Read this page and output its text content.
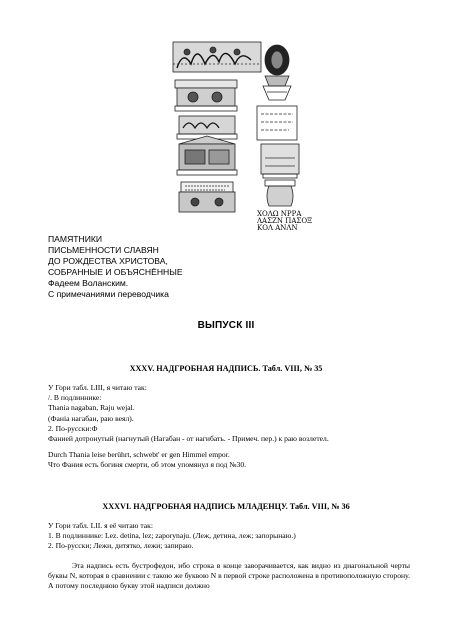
ΧΟΛΩ ΝΡΡΑ
ΛΑΣΖΝ ΠΑΣΟΞ
ΚΟΛ ΑΝΛΝ
ПАМЯТНИКИ
ПИСЬМЕННОСТИ СЛАВЯН
ДО РОЖДЕСТВА ХРИСТОВА,
СОБРАННЫЕ И ОБЪЯСНЁННЫЕ
Фадеем Воланским.
С примечаниями переводчика
ВЫПУСК III
XXXV. НАДГРОБНАЯ НАДПИСЬ. Табл. VIII, № 35
У Гори табл. LIII, я читаю так:
/. В подлиннике:
Thania nagaban, Raju wejal.
(Фаніа нагабан, раю веял).
2. По-русски:Ф
Фанией дотронутый (нагнутый (Нагабан - от нагибать. - Примеч. пер.) к раю возлетел.
Durch Thania leise berührt, schwebt' er gen Himmel empor.
Что Фания есть богиня смерти, об этом упомянул я под №30.
XXXVI. НАДГРОБНАЯ НАДПИСЬ МЛАДЕНЦУ. Табл. VIII, № 36
У Гори табл. LII. я её читаю так:
1. В подлиннике: Lez. detina, lez; zaporynaju. (Леж, детина, леж; запорынаю.)
2. По-русски; Лежи, дитятко, лежи; запираю.
Эта надпись есть бустрофедон, ибо строка в конце заворачивается, как видно из диагональной черты буквы N, которая в сравнении с такою же буквою N в первой строке расположена в противоположную сторону. А потому последнюю букву этой надписи должно
